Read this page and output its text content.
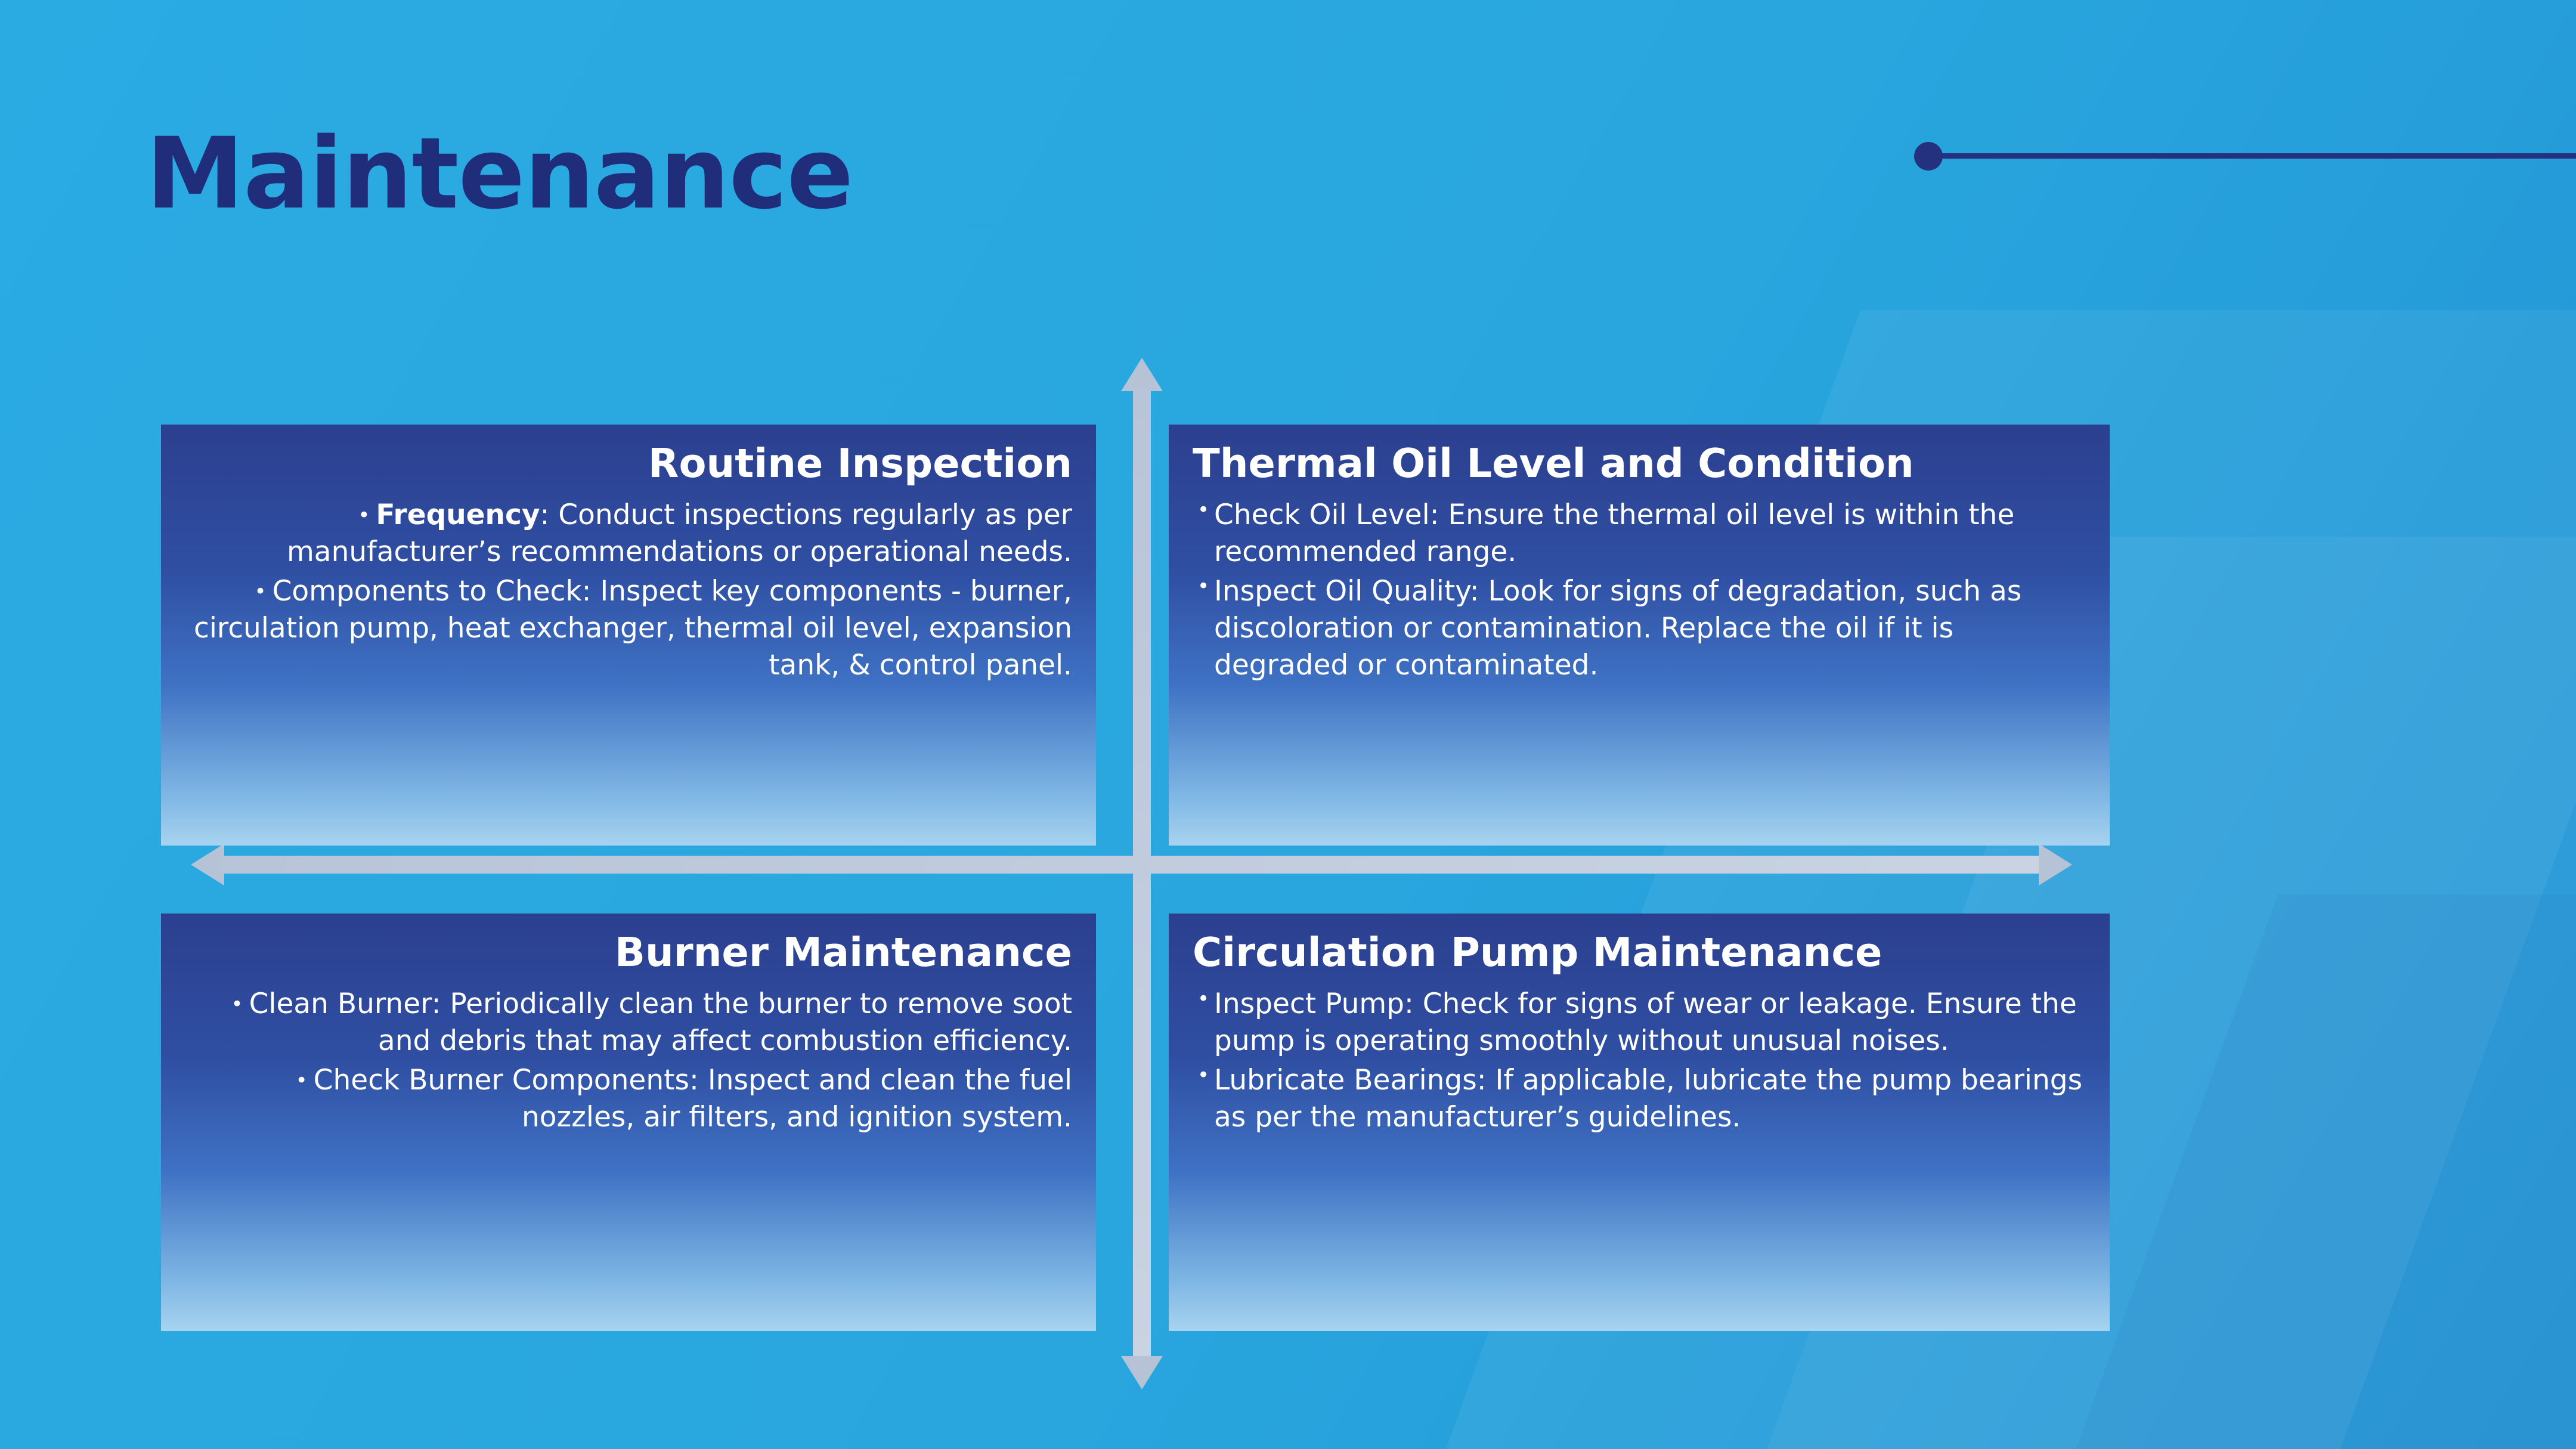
Maintenance
Routine Inspection
• Frequency: Conduct inspections regularly as per manufacturer’s recommendations or operational needs.
• Components to Check: Inspect key components - burner, circulation pump, heat exchanger, thermal oil level, expansion tank, & control panel.
Thermal Oil Level and Condition
• Check Oil Level: Ensure the thermal oil level is within the recommended range.
• Inspect Oil Quality: Look for signs of degradation, such as discoloration or contamination. Replace the oil if it is degraded or contaminated.
Burner Maintenance
• Clean Burner: Periodically clean the burner to remove soot and debris that may affect combustion efficiency.
• Check Burner Components: Inspect and clean the fuel nozzles, air filters, and ignition system.
Circulation Pump Maintenance
• Inspect Pump: Check for signs of wear or leakage. Ensure the pump is operating smoothly without unusual noises.
• Lubricate Bearings: If applicable, lubricate the pump bearings as per the manufacturer’s guidelines.
